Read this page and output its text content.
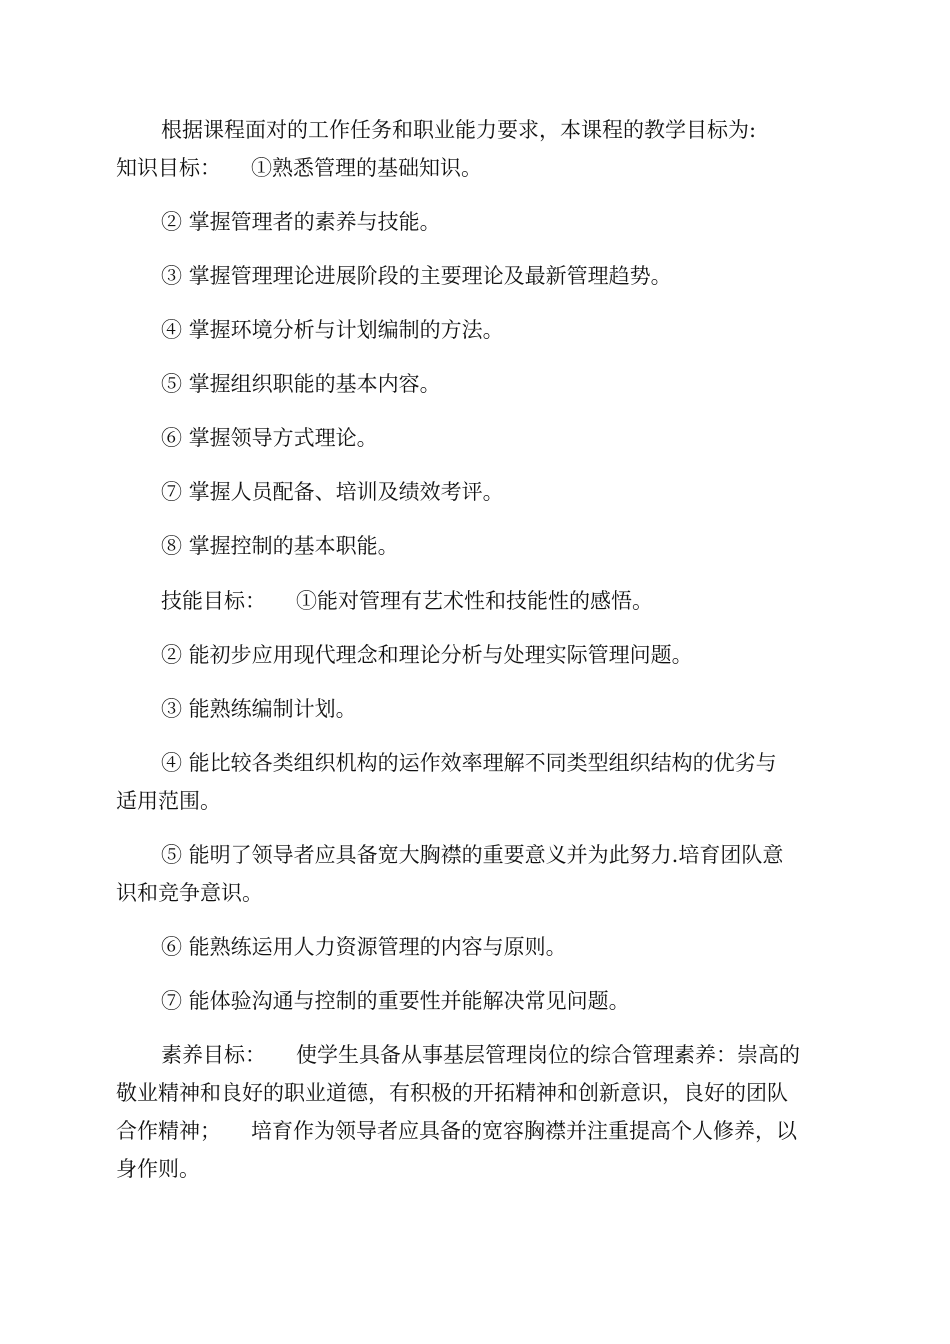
根据课程面对的工作任务和职业能力要求，本课程的教学目标为:

知识目标： ①熟悉管理的基础知识。

② 掌握管理者的素养与技能。

③ 掌握管理理论进展阶段的主要理论及最新管理趋势。

④ 掌握环境分析与计划编制的方法。

⑤ 掌握组织职能的基本内容。

⑥ 掌握领导方式理论。

⑦ 掌握人员配备、培训及绩效考评。

⑧ 掌握控制的基本职能。

技能目标： ①能对管理有艺术性和技能性的感悟。

② 能初步应用现代理念和理论分析与处理实际管理问题。

③ 能熟练编制计划。

④ 能比较各类组织机构的运作效率理解不同类型组织结构的优劣与

适用范围。

⑤ 能明了领导者应具备宽大胸襟的重要意义并为此努力.培育团队意

识和竞争意识。

⑥ 能熟练运用人力资源管理的内容与原则。

⑦ 能体验沟通与控制的重要性并能解决常见问题。

素养目标： 使学生具备从事基层管理岗位的综合管理素养：崇高的

敬业精神和良好的职业道德，有积极的开拓精神和创新意识，良好的团队

合作精神； 培育作为领导者应具备的宽容胸襟并注重提高个人修养，以

身作则。
